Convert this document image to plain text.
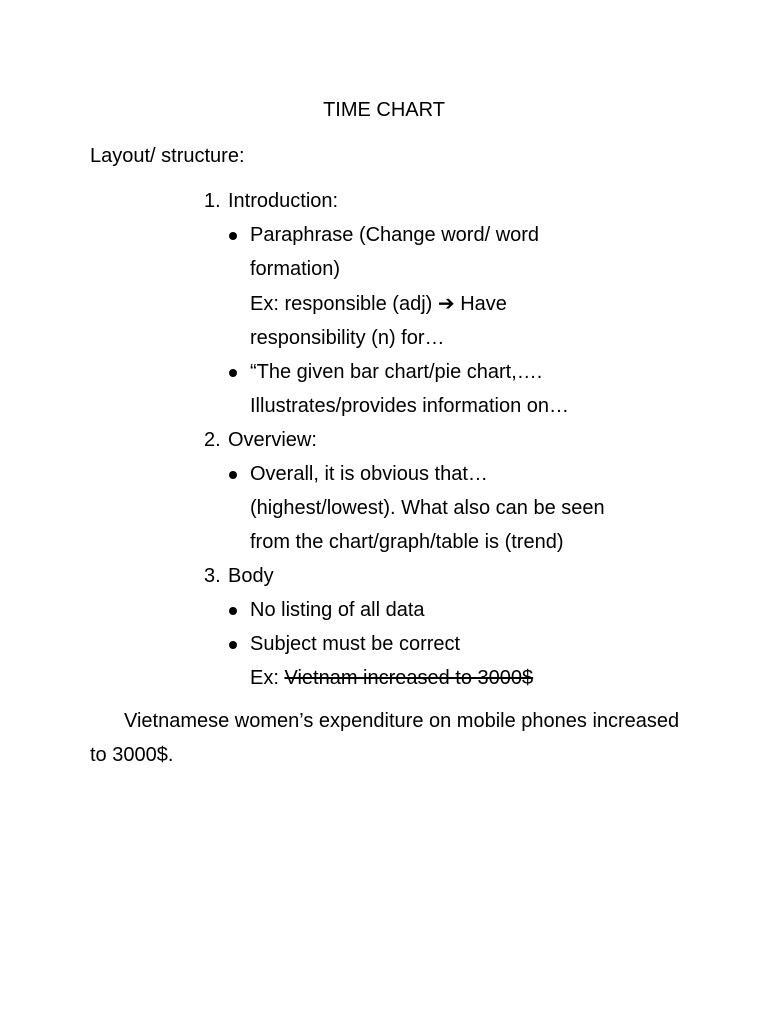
TIME CHART
Layout/ structure:
1. Introduction:
Paraphrase (Change word/ word
formation)
Ex: responsible (adj) ➔ Have
responsibility (n) for…
“The given bar chart/pie chart,….
Illustrates/provides information on…
2. Overview:
Overall, it is obvious that…
(highest/lowest). What also can be seen
from the chart/graph/table is (trend)
3. Body
No listing of all data
Subject must be correct
Ex: Vietnam increased to 3000$
Vietnamese women’s expenditure on mobile phones increased to 3000$.
